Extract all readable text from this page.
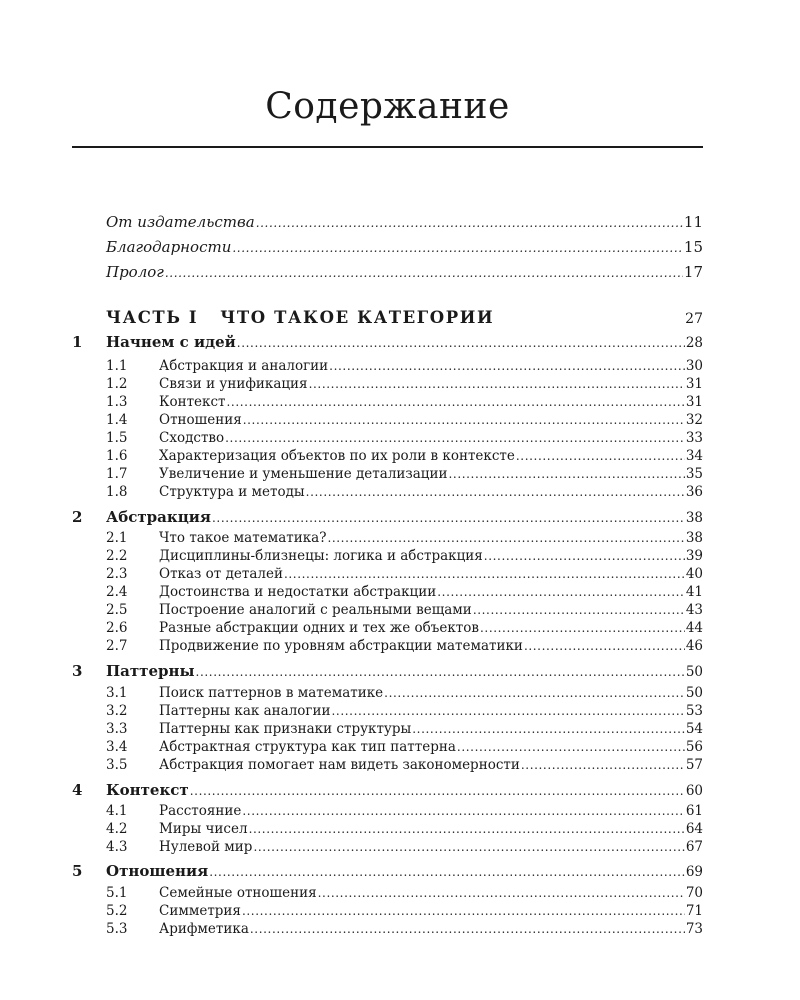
Содержание
От издательства .....	11
Благодарности .....	15
Пролог .....	17
ЧАСТЬ I   ЧТО ТАКОЕ КАТЕГОРИИ	27
1 Начнем с идей .....	28
1.1	Абстракция и аналогии .....	30
1.2	Связи и унификация .....	31
1.3	Контекст .....	31
1.4	Отношения .....	32
1.5	Сходство .....	33
1.6	Характеризация объектов по их роли в контексте .....	34
1.7	Увеличение и уменьшение детализации .....	35
1.8	Структура и методы .....	36
2 Абстракция .....	38
2.1	Что такое математика? .....	38
2.2	Дисциплины-близнецы: логика и абстракция .....	39
2.3	Отказ от деталей .....	40
2.4	Достоинства и недостатки абстракции .....	41
2.5	Построение аналогий с реальными вещами .....	43
2.6	Разные абстракции одних и тех же объектов .....	44
2.7	Продвижение по уровням абстракции математики .....	46
3 Паттерны .....	50
3.1	Поиск паттернов в математике .....	50
3.2	Паттерны как аналогии .....	53
3.3	Паттерны как признаки структуры .....	54
3.4	Абстрактная структура как тип паттерна .....	56
3.5	Абстракция помогает нам видеть закономерности .....	57
4 Контекст .....	60
4.1	Расстояние .....	61
4.2	Миры чисел .....	64
4.3	Нулевой мир .....	67
5 Отношения .....	69
5.1	Семейные отношения .....	70
5.2	Симметрия .....	71
5.3	Арифметика .....	73
